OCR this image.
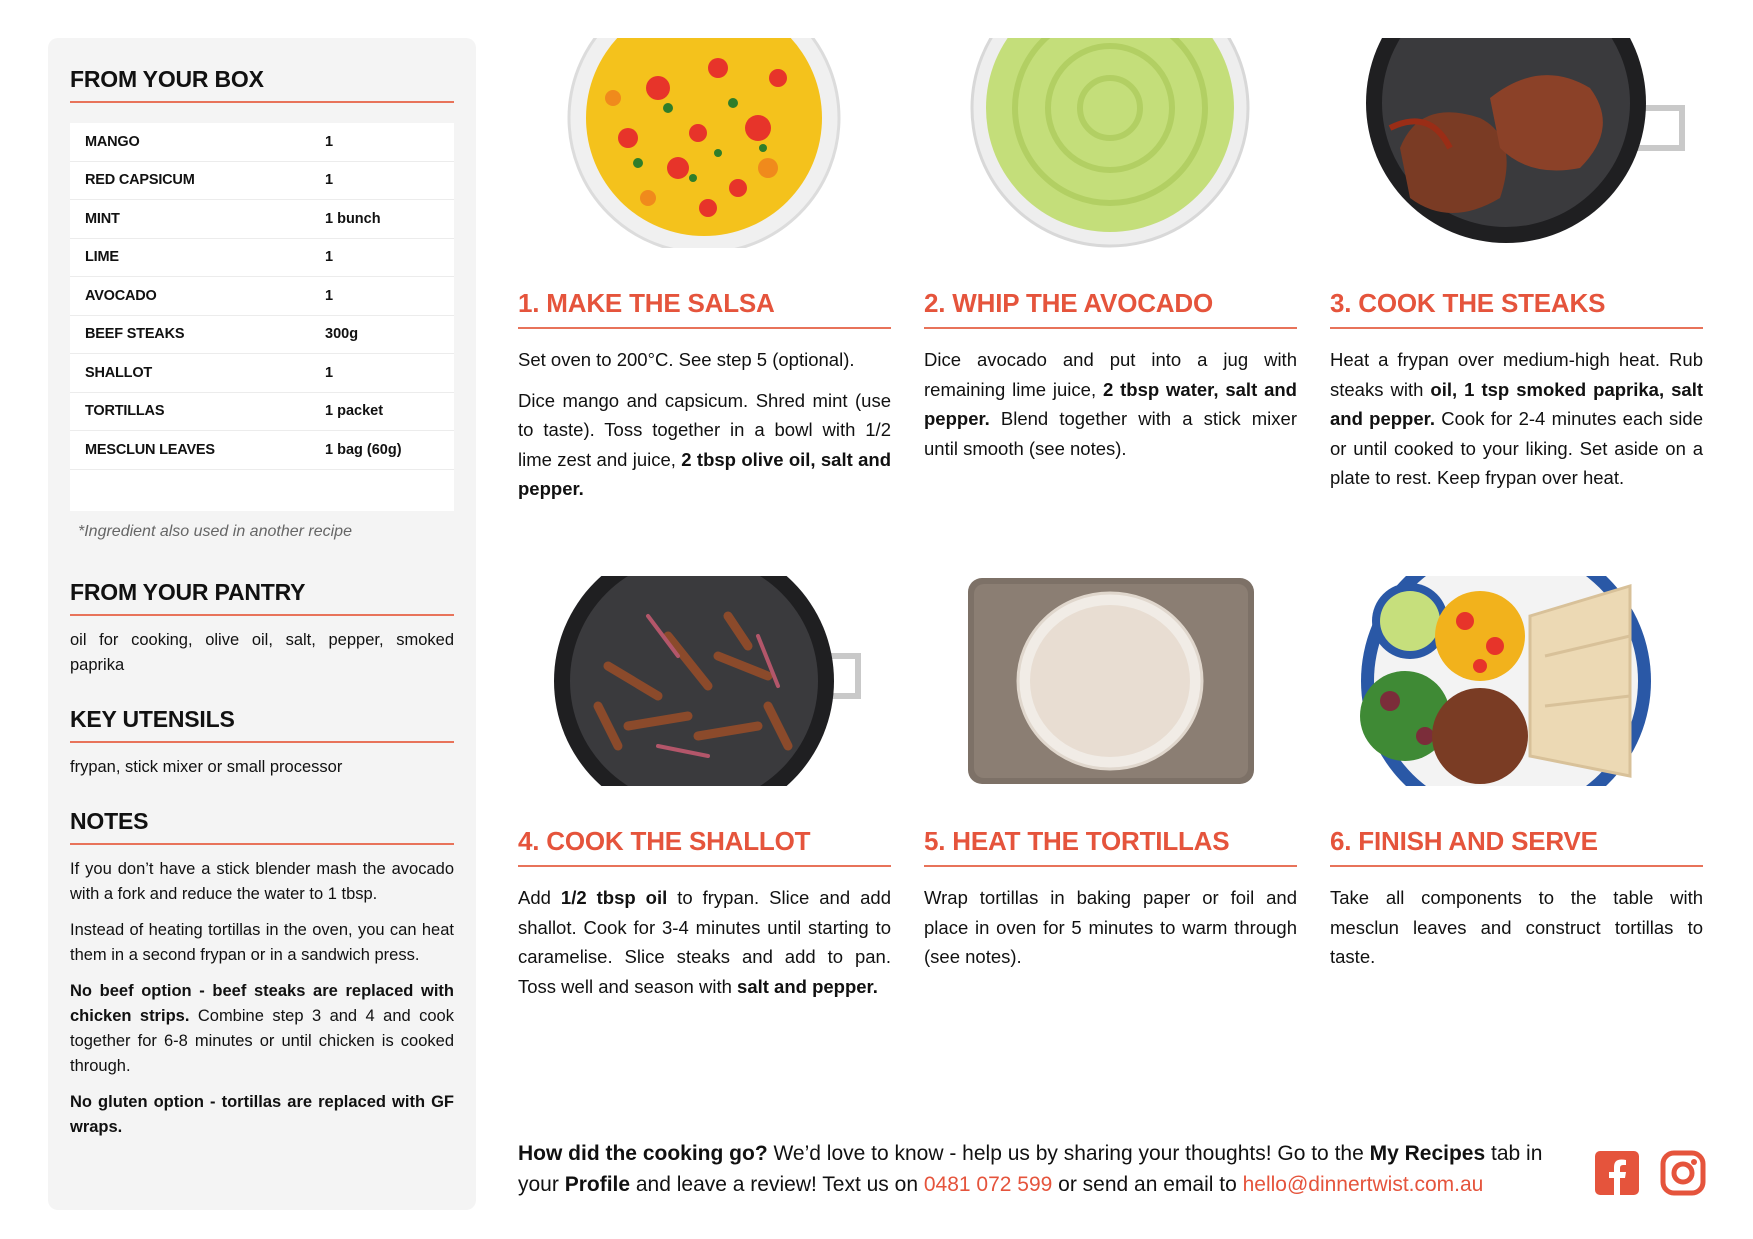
FROM YOUR BOX
MANGO	1
RED CAPSICUM	1
MINT	1 bunch
LIME	1
AVOCADO	1
BEEF STEAKS	300g
SHALLOT	1
TORTILLAS	1 packet
MESCLUN LEAVES	1 bag (60g)
*Ingredient also used in another recipe
FROM YOUR PANTRY
oil for cooking, olive oil, salt, pepper, smoked paprika
KEY UTENSILS
frypan, stick mixer or small processor
NOTES

If you don’t have a stick blender mash the avocado with a fork and reduce the water to 1 tbsp.

Instead of heating tortillas in the oven, you can heat them in a second frypan or in a sandwich press.

No beef option - beef steaks are replaced with chicken strips. Combine step 3 and 4 and cook together for 6-8 minutes or until chicken is cooked through.

No gluten option - tortillas are replaced with GF wraps.

1. MAKE THE SALSA

Set oven to 200°C. See step 5 (optional).

Dice mango and capsicum. Shred mint (use to taste). Toss together in a bowl with 1/2 lime zest and juice, 2 tbsp olive oil, salt and pepper.

2. WHIP THE AVOCADO

Dice avocado and put into a jug with remaining lime juice, 2 tbsp water, salt and pepper. Blend together with a stick mixer until smooth (see notes).

3. COOK THE STEAKS

Heat a frypan over medium-high heat. Rub steaks with oil, 1 tsp smoked paprika, salt and pepper. Cook for 2-4 minutes each side or until cooked to your liking. Set aside on a plate to rest. Keep frypan over heat.

4. COOK THE SHALLOT

Add 1/2 tbsp oil to frypan. Slice and add shallot. Cook for 3-4 minutes until starting to caramelise. Slice steaks and add to pan. Toss well and season with salt and pepper.

5. HEAT THE TORTILLAS

Wrap tortillas in baking paper or foil and place in oven for 5 minutes to warm through (see notes).

6. FINISH AND SERVE

Take all components to the table with mesclun leaves and construct tortillas to taste.

How did the cooking go? We’d love to know - help us by sharing your thoughts! Go to the My Recipes tab in your Profile and leave a review! Text us on 0481 072 599 or send an email to hello@dinnertwist.com.au
